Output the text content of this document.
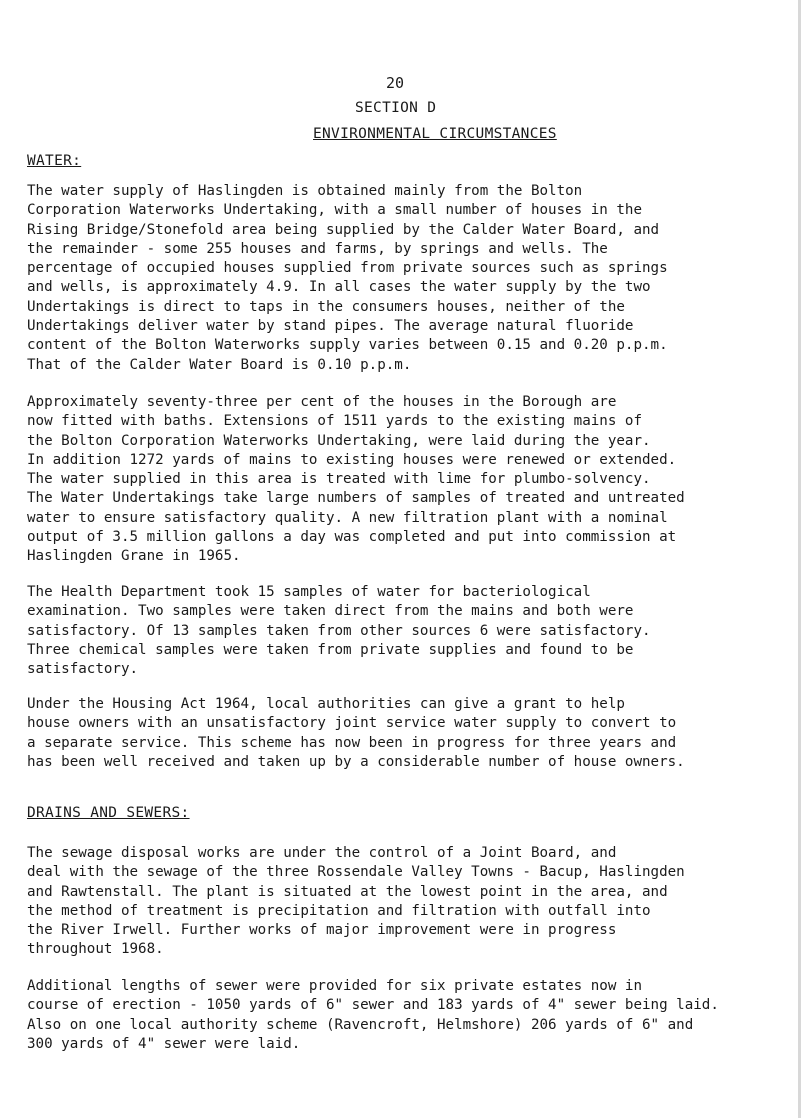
20
SECTION D
ENVIRONMENTAL CIRCUMSTANCES
WATER:

The water supply of Haslingden is obtained mainly from the Bolton
Corporation Waterworks Undertaking, with a small number of houses in the
Rising Bridge/Stonefold area being supplied by the Calder Water Board, and
the remainder - some 255 houses and farms, by springs and wells. The
percentage of occupied houses supplied from private sources such as springs
and wells, is approximately 4.9. In all cases the water supply by the two
Undertakings is direct to taps in the consumers houses, neither of the
Undertakings deliver water by stand pipes. The average natural fluoride
content of the Bolton Waterworks supply varies between 0.15 and 0.20 p.p.m.
That of the Calder Water Board is 0.10 p.p.m.

Approximately seventy-three per cent of the houses in the Borough are
now fitted with baths. Extensions of 1511 yards to the existing mains of
the Bolton Corporation Waterworks Undertaking, were laid during the year.
In addition 1272 yards of mains to existing houses were renewed or extended.
The water supplied in this area is treated with lime for plumbo-solvency.
The Water Undertakings take large numbers of samples of treated and untreated
water to ensure satisfactory quality. A new filtration plant with a nominal
output of 3.5 million gallons a day was completed and put into commission at
Haslingden Grane in 1965.

The Health Department took 15 samples of water for bacteriological
examination. Two samples were taken direct from the mains and both were
satisfactory. Of 13 samples taken from other sources 6 were satisfactory.
Three chemical samples were taken from private supplies and found to be
satisfactory.

Under the Housing Act 1964, local authorities can give a grant to help
house owners with an unsatisfactory joint service water supply to convert to
a separate service. This scheme has now been in progress for three years and
has been well received and taken up by a considerable number of house owners.

DRAINS AND SEWERS:

The sewage disposal works are under the control of a Joint Board, and
deal with the sewage of the three Rossendale Valley Towns - Bacup, Haslingden
and Rawtenstall. The plant is situated at the lowest point in the area, and
the method of treatment is precipitation and filtration with outfall into
the River Irwell. Further works of major improvement were in progress
throughout 1968.

Additional lengths of sewer were provided for six private estates now in
course of erection - 1050 yards of 6" sewer and 183 yards of 4" sewer being laid.
Also on one local authority scheme (Ravencroft, Helmshore) 206 yards of 6" and
300 yards of 4" sewer were laid.
